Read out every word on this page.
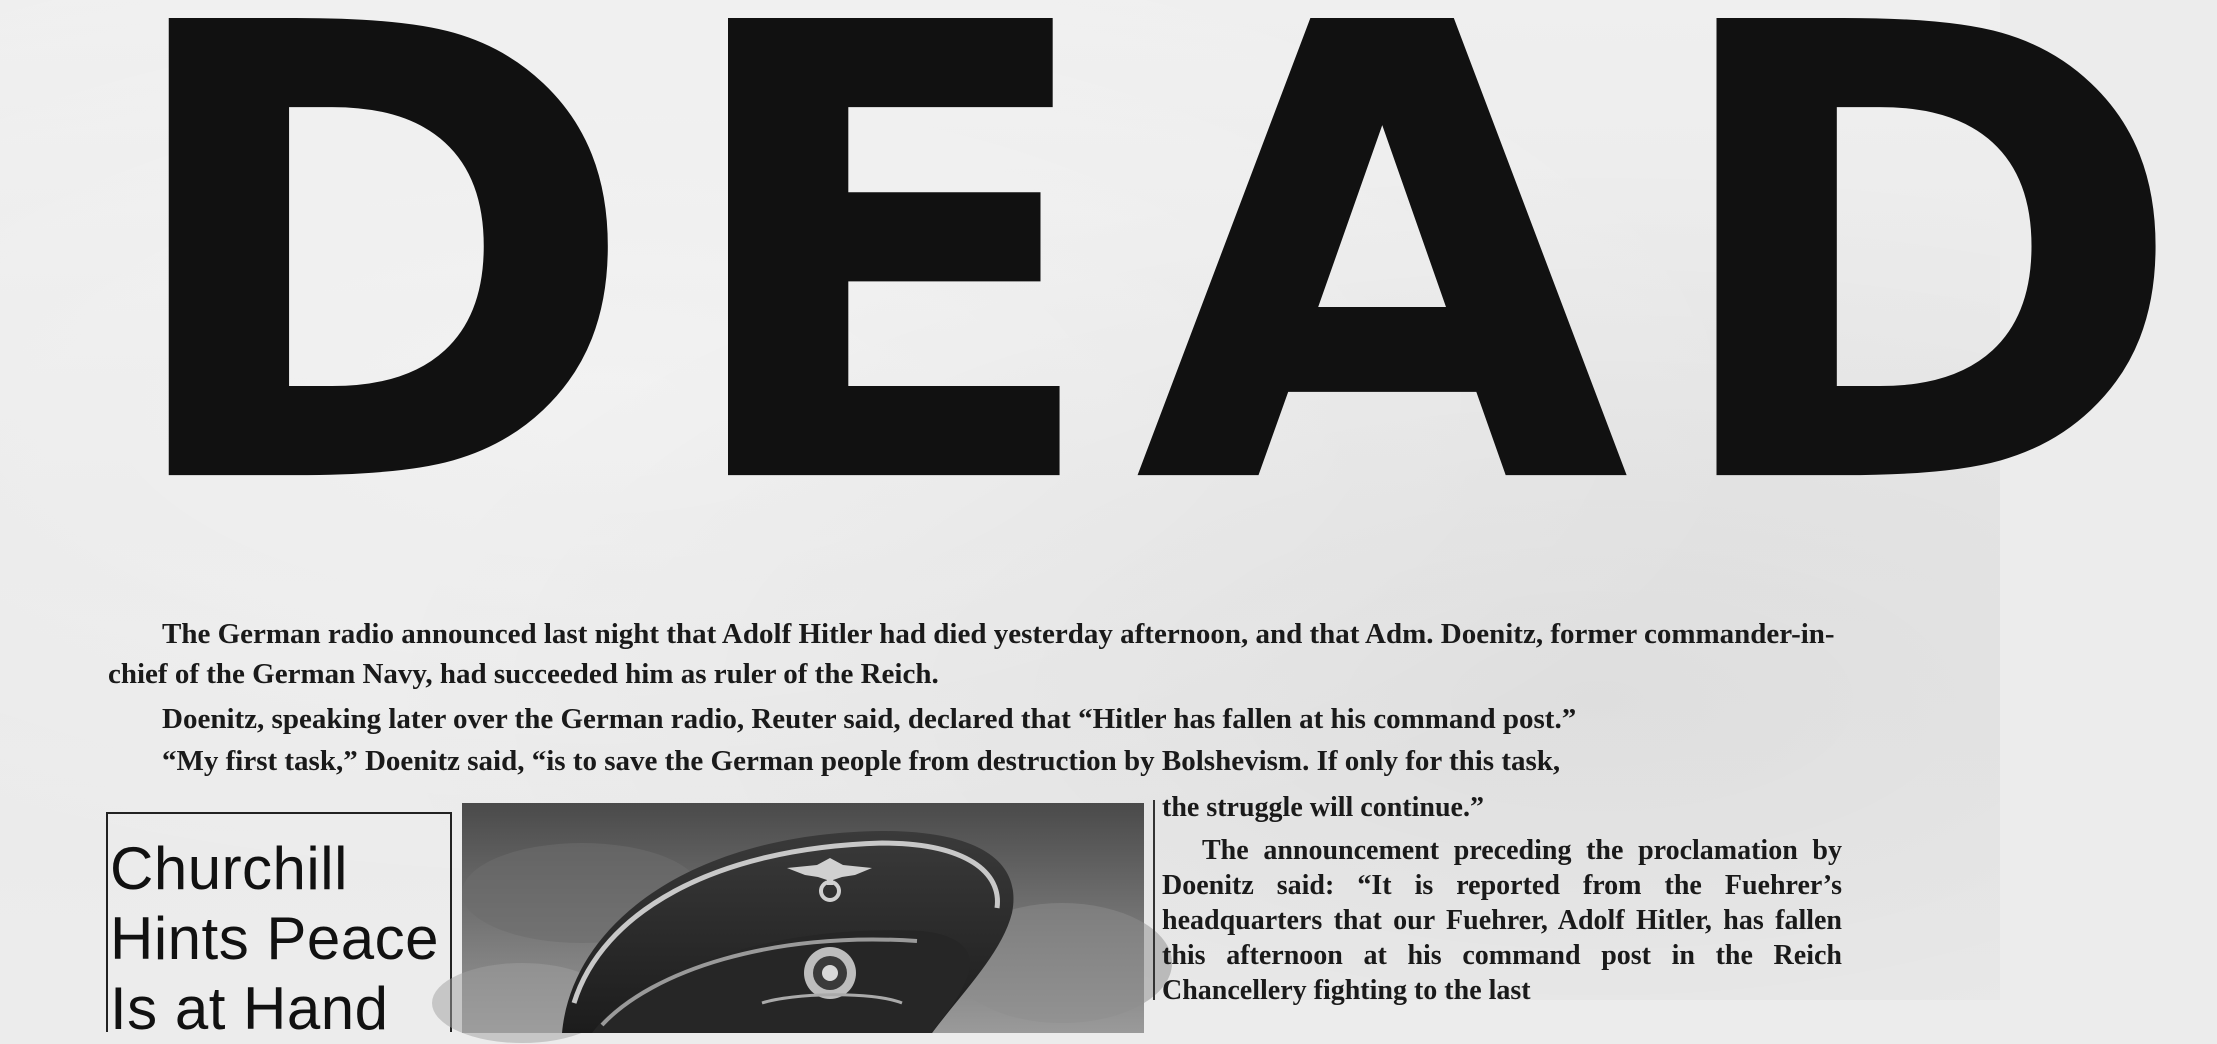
DEAD

The German radio announced last night that Adolf Hitler had died yesterday afternoon, and that Adm. Doenitz, former commander-in-chief of the German Navy, had succeeded him as ruler of the Reich.

Doenitz, speaking later over the German radio, Reuter said, declared that “Hitler has fallen at his command post.”

“My first task,” Doenitz said, “is to save the German people from destruction by Bolshevism. If only for this task,

Churchill
Hints Peace
Is at Hand

the struggle will continue.”

The announcement preceding the proclamation by Doenitz said: “It is reported from the Fuehrer’s headquarters that our Fuehrer, Adolf Hitler, has fallen this afternoon at his command post in the Reich Chancellery fighting to the last
